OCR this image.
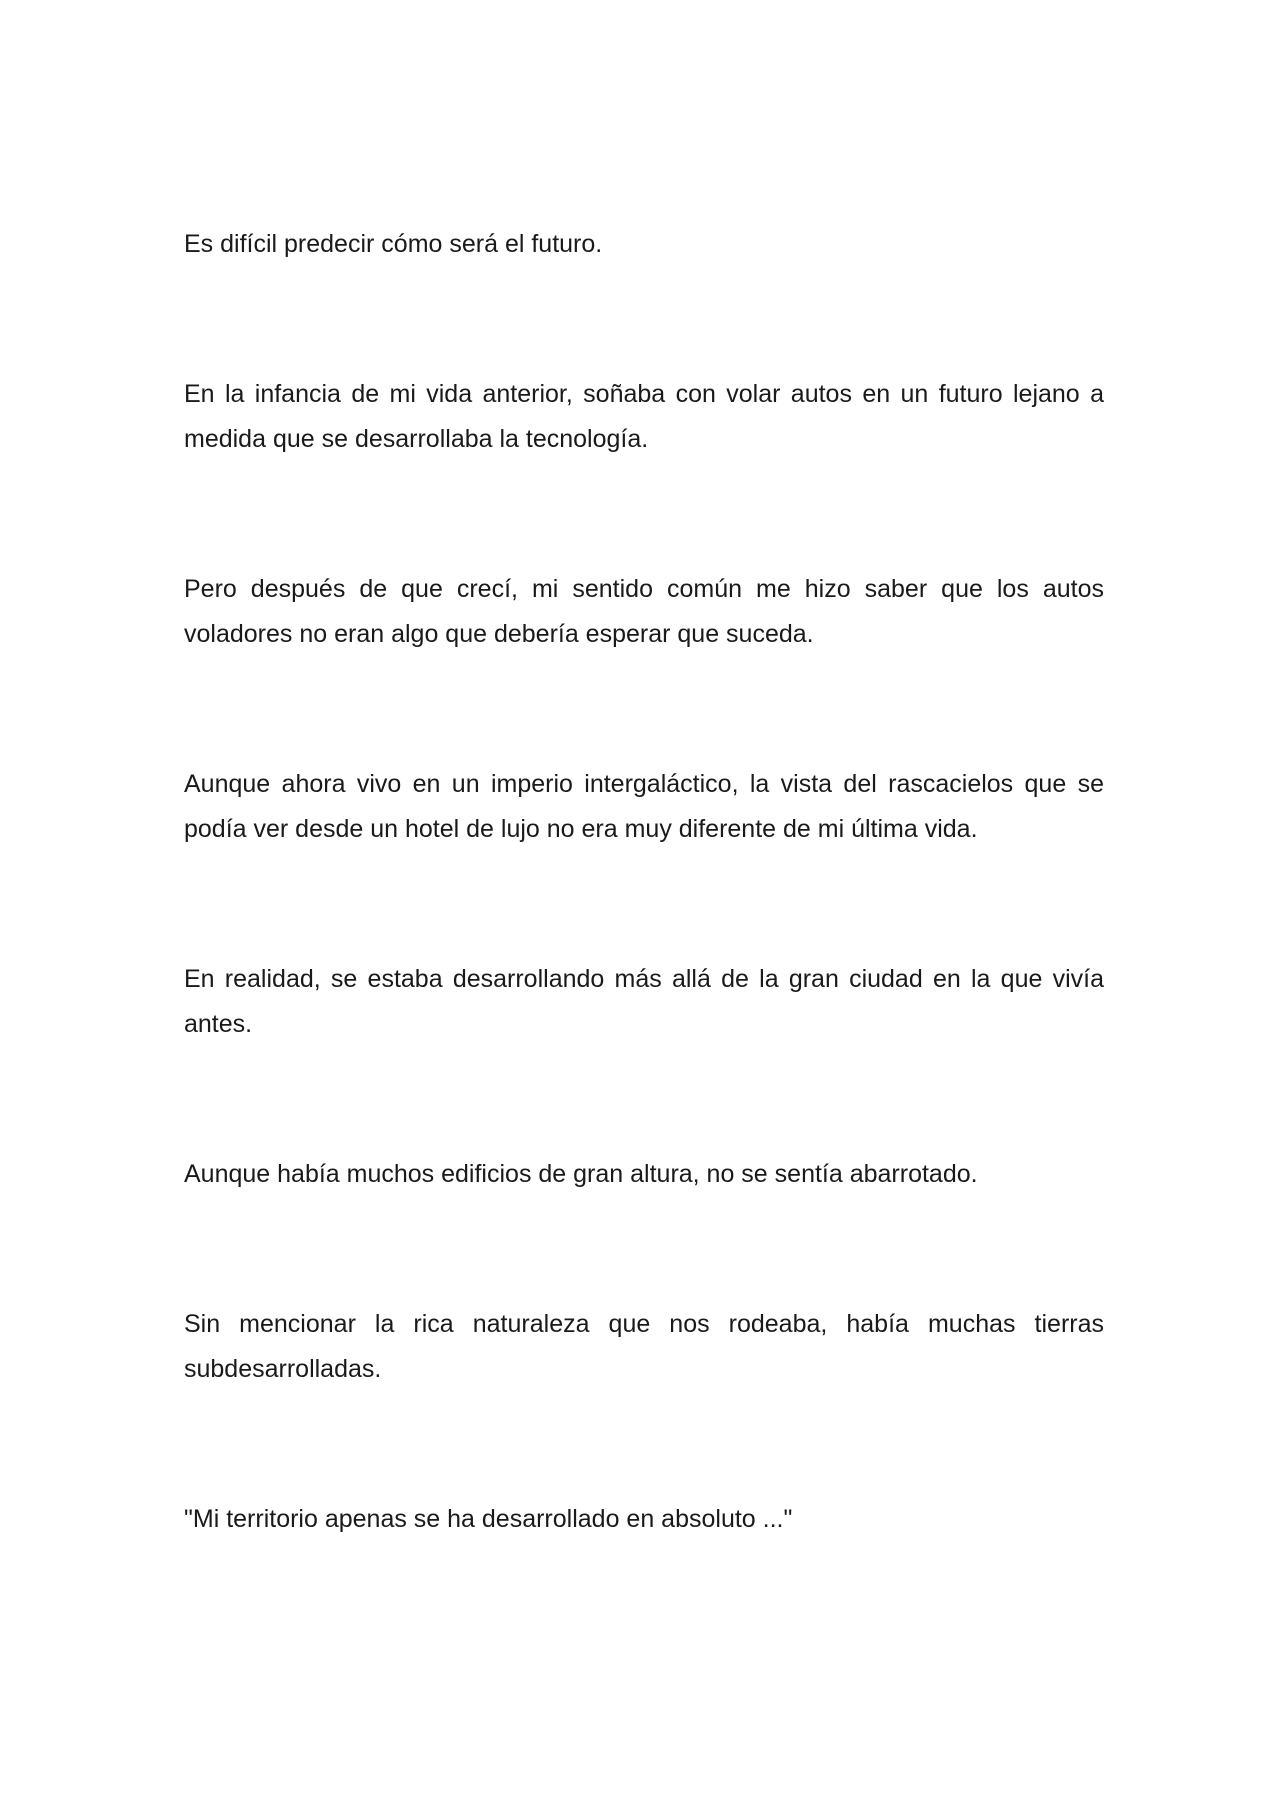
Es difícil predecir cómo será el futuro.

En la infancia de mi vida anterior, soñaba con volar autos en un futuro lejano a medida que se desarrollaba la tecnología.

Pero después de que crecí, mi sentido común me hizo saber que los autos voladores no eran algo que debería esperar que suceda.

Aunque ahora vivo en un imperio intergaláctico, la vista del rascacielos que se podía ver desde un hotel de lujo no era muy diferente de mi última vida.

En realidad, se estaba desarrollando más allá de la gran ciudad en la que vivía antes.

Aunque había muchos edificios de gran altura, no se sentía abarrotado.

Sin mencionar la rica naturaleza que nos rodeaba, había muchas tierras subdesarrolladas.

"Mi territorio apenas se ha desarrollado en absoluto ..."
